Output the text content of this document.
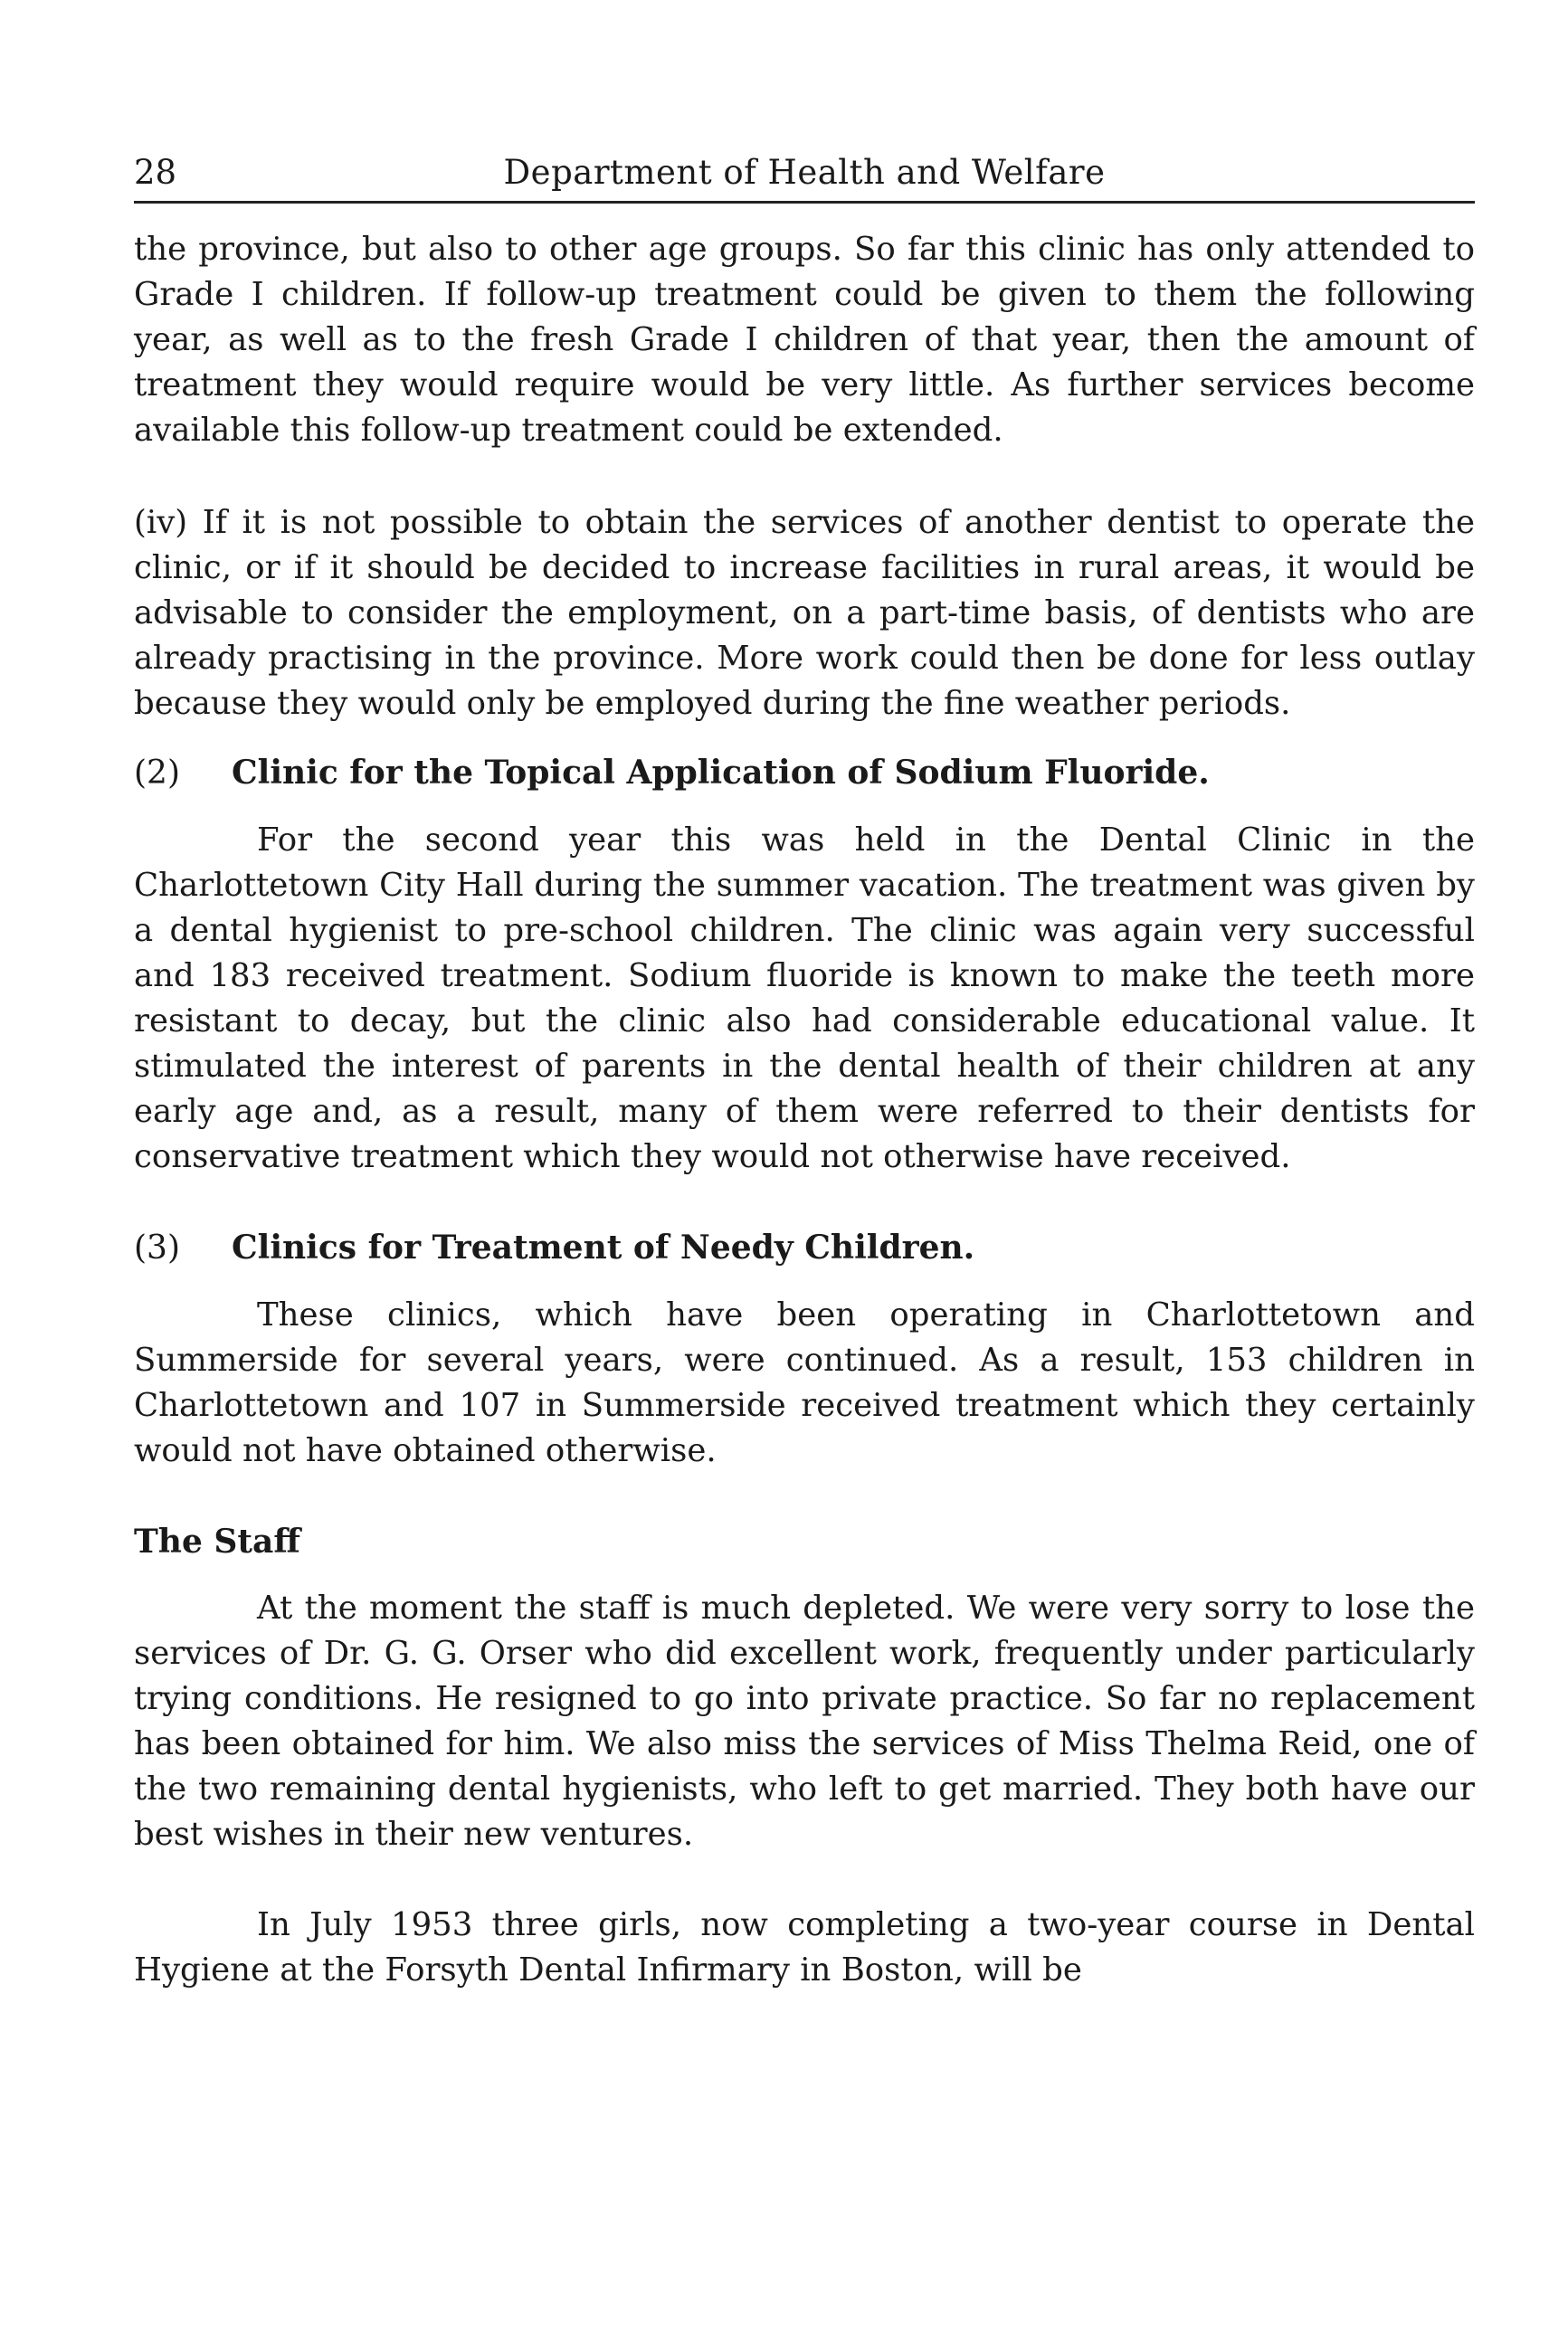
28	Department of Health and Welfare

the province, but also to other age groups. So far this clinic has only attended to Grade I children. If follow-up treatment could be given to them the following year, as well as to the fresh Grade I children of that year, then the amount of treatment they would require would be very little. As further services become available this follow-up treatment could be extended.

(iv) If it is not possible to obtain the services of another dentist to operate the clinic, or if it should be decided to increase facilities in rural areas, it would be advisable to consider the employment, on a part-time basis, of dentists who are already practising in the province. More work could then be done for less outlay because they would only be employed during the fine weather periods.

(2) Clinic for the Topical Application of Sodium Fluoride.

For the second year this was held in the Dental Clinic in the Charlottetown City Hall during the summer vacation. The treatment was given by a dental hygienist to pre-school children. The clinic was again very successful and 183 received treatment. Sodium fluoride is known to make the teeth more resistant to decay, but the clinic also had considerable educational value. It stimulated the interest of parents in the dental health of their children at any early age and, as a result, many of them were referred to their dentists for conservative treatment which they would not otherwise have received.

(3) Clinics for Treatment of Needy Children.

These clinics, which have been operating in Charlottetown and Summerside for several years, were continued. As a result, 153 children in Charlottetown and 107 in Summerside received treatment which they certainly would not have obtained otherwise.

The Staff

At the moment the staff is much depleted. We were very sorry to lose the services of Dr. G. G. Orser who did excellent work, frequently under particularly trying conditions. He resigned to go into private practice. So far no replacement has been obtained for him. We also miss the services of Miss Thelma Reid, one of the two remaining dental hygienists, who left to get married. They both have our best wishes in their new ventures.

In July 1953 three girls, now completing a two-year course in Dental Hygiene at the Forsyth Dental Infirmary in Boston, will be
